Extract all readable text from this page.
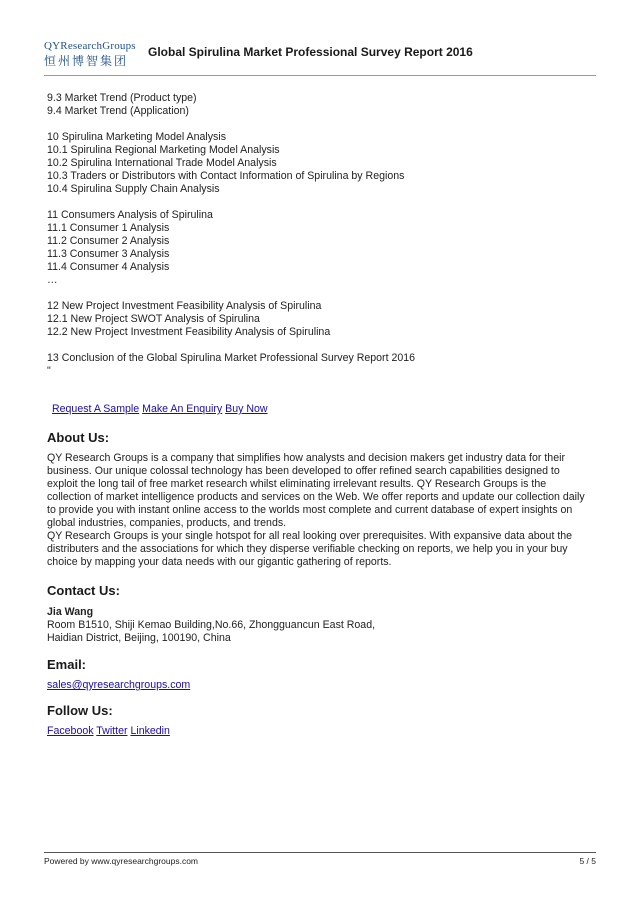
QYResearchGroups
恒州博智集团
Global Spirulina Market Professional Survey Report 2016
9.3 Market Trend (Product type)
9.4 Market Trend (Application)
10 Spirulina Marketing Model Analysis
10.1 Spirulina Regional Marketing Model Analysis
10.2 Spirulina International Trade Model Analysis
10.3 Traders or Distributors with Contact Information of Spirulina by Regions
10.4 Spirulina Supply Chain Analysis
11 Consumers Analysis of Spirulina
11.1 Consumer 1 Analysis
11.2 Consumer 2 Analysis
11.3 Consumer 3 Analysis
11.4 Consumer 4 Analysis
…
12 New Project Investment Feasibility Analysis of Spirulina
12.1 New Project SWOT Analysis of Spirulina
12.2 New Project Investment Feasibility Analysis of Spirulina
13 Conclusion of the Global Spirulina Market Professional Survey Report 2016
"
Request A Sample Make An Enquiry Buy Now
About Us:
QY Research Groups is a company that simplifies how analysts and decision makers get industry data for their
business. Our unique colossal technology has been developed to offer refined search capabilities designed to
exploit the long tail of free market research whilst eliminating irrelevant results. QY Research Groups is the
collection of market intelligence products and services on the Web. We offer reports and update our collection daily
to provide you with instant online access to the worlds most complete and current database of expert insights on
global industries, companies, products, and trends.
QY Research Groups is your single hotspot for all real looking over prerequisites. With expansive data about the
distributers and the associations for which they disperse verifiable checking on reports, we help you in your buy
choice by mapping your data needs with our gigantic gathering of reports.
Contact Us:
Jia Wang
Room B1510, Shiji Kemao Building,No.66, Zhongguancun East Road,
Haidian District, Beijing, 100190, China
Email:
sales@qyresearchgroups.com
Follow Us:
Facebook Twitter Linkedin
Powered by www.qyresearchgroups.com	5 / 5
